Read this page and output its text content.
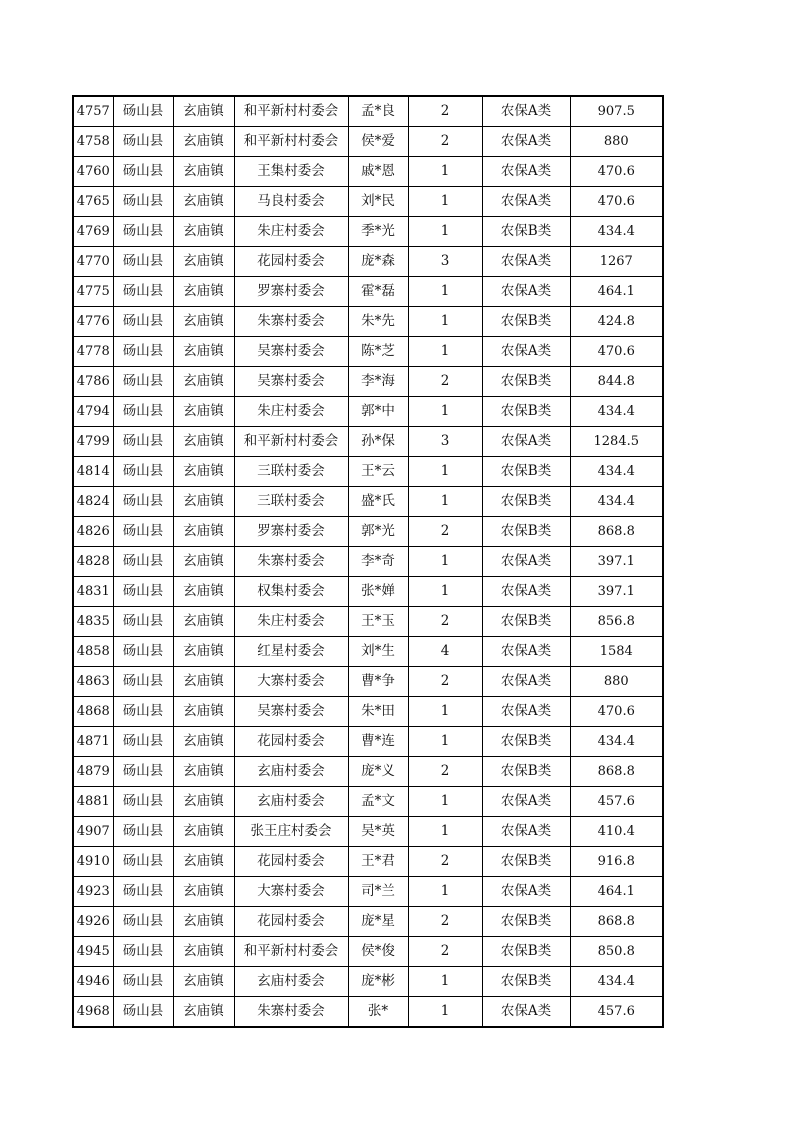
4757	砀山县	玄庙镇	和平新村村委会	孟*良	2	农保A类	907.5
4758	砀山县	玄庙镇	和平新村村委会	侯*爱	2	农保A类	880
4760	砀山县	玄庙镇	王集村委会	戚*恩	1	农保A类	470.6
4765	砀山县	玄庙镇	马良村委会	刘*民	1	农保A类	470.6
4769	砀山县	玄庙镇	朱庄村委会	季*光	1	农保B类	434.4
4770	砀山县	玄庙镇	花园村委会	庞*森	3	农保A类	1267
4775	砀山县	玄庙镇	罗寨村委会	霍*磊	1	农保A类	464.1
4776	砀山县	玄庙镇	朱寨村委会	朱*先	1	农保B类	424.8
4778	砀山县	玄庙镇	吴寨村委会	陈*芝	1	农保A类	470.6
4786	砀山县	玄庙镇	吴寨村委会	李*海	2	农保B类	844.8
4794	砀山县	玄庙镇	朱庄村委会	郭*中	1	农保B类	434.4
4799	砀山县	玄庙镇	和平新村村委会	孙*保	3	农保A类	1284.5
4814	砀山县	玄庙镇	三联村委会	王*云	1	农保B类	434.4
4824	砀山县	玄庙镇	三联村委会	盛*氏	1	农保B类	434.4
4826	砀山县	玄庙镇	罗寨村委会	郭*光	2	农保B类	868.8
4828	砀山县	玄庙镇	朱寨村委会	李*奇	1	农保A类	397.1
4831	砀山县	玄庙镇	权集村委会	张*婵	1	农保A类	397.1
4835	砀山县	玄庙镇	朱庄村委会	王*玉	2	农保B类	856.8
4858	砀山县	玄庙镇	红星村委会	刘*生	4	农保A类	1584
4863	砀山县	玄庙镇	大寨村委会	曹*争	2	农保A类	880
4868	砀山县	玄庙镇	吴寨村委会	朱*田	1	农保A类	470.6
4871	砀山县	玄庙镇	花园村委会	曹*连	1	农保B类	434.4
4879	砀山县	玄庙镇	玄庙村委会	庞*义	2	农保B类	868.8
4881	砀山县	玄庙镇	玄庙村委会	孟*文	1	农保A类	457.6
4907	砀山县	玄庙镇	张王庄村委会	吴*英	1	农保A类	410.4
4910	砀山县	玄庙镇	花园村委会	王*君	2	农保B类	916.8
4923	砀山县	玄庙镇	大寨村委会	司*兰	1	农保A类	464.1
4926	砀山县	玄庙镇	花园村委会	庞*星	2	农保B类	868.8
4945	砀山县	玄庙镇	和平新村村委会	侯*俊	2	农保B类	850.8
4946	砀山县	玄庙镇	玄庙村委会	庞*彬	1	农保B类	434.4
4968	砀山县	玄庙镇	朱寨村委会	张*	1	农保A类	457.6
